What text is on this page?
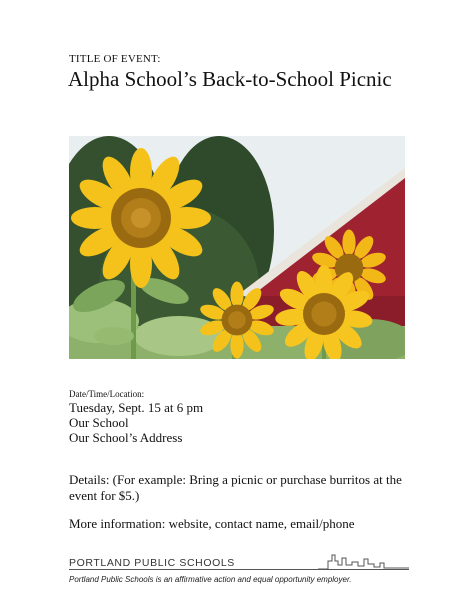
TITLE OF EVENT:
Alpha School’s Back-to-School Picnic
Date/Time/Location:
Tuesday, Sept. 15 at 6 pm
Our School
Our School’s Address
Details: (For example: Bring a picnic or purchase burritos at the event for $5.)
More information: website, contact name, email/phone
PORTLAND PUBLIC SCHOOLS
Portland Public Schools is an affirmative action and equal opportunity employer.
